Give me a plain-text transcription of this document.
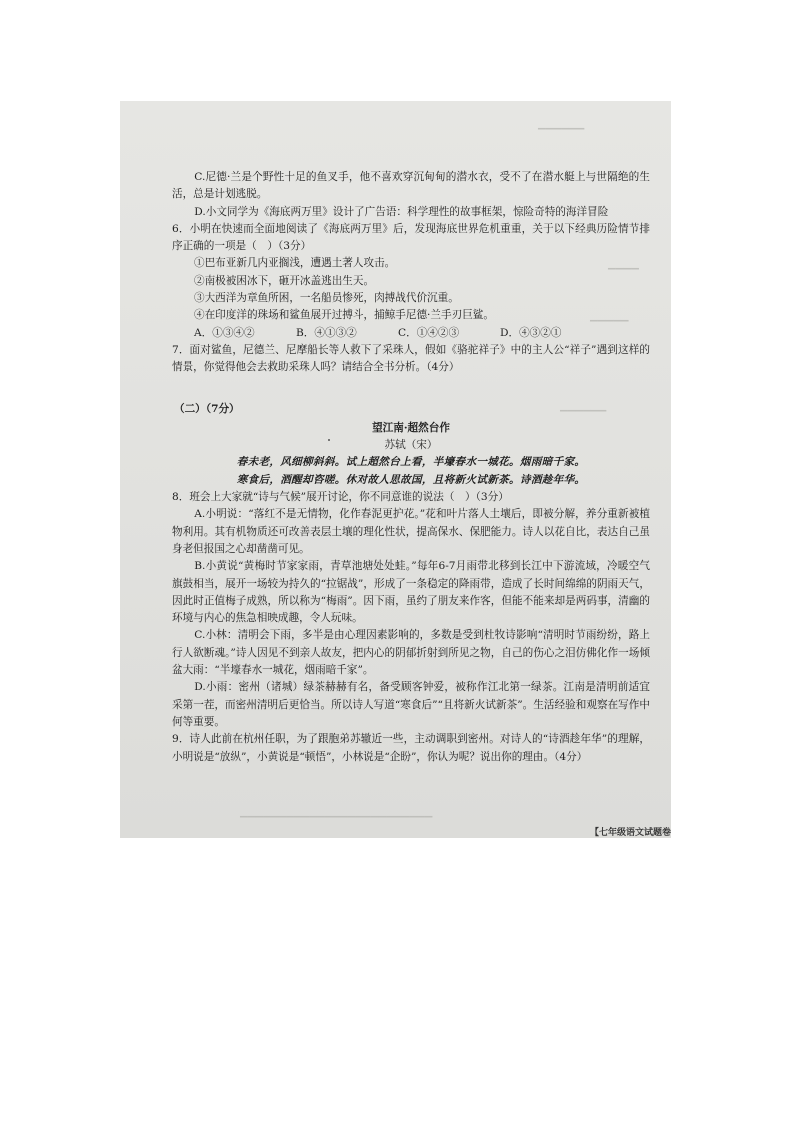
▁▁▁▁▁▁
▁▁▁▁
▁▁▁▁▁
▁▁▁▁▁▁
▁▁▁▁▁▁▁▁▁▁▁▁▁▁▁▁▁▁▁▁▁▁▁▁▁

C.尼德·兰是个野性十足的鱼叉手，他不喜欢穿沉甸甸的潜水衣，受不了在潜水艇上与世隔绝的生活，总是计划逃脱。

D.小文同学为《海底两万里》设计了广告语：科学理性的故事框架，惊险奇特的海洋冒险

6．小明在快速而全面地阅读了《海底两万里》后，发现海底世界危机重重，关于以下经典历险情节排序正确的一项是（　）（3分）

①巴布亚新几内亚搁浅，遭遇土著人攻击。

②南极被困冰下，砸开冰盖逃出生天。

③大西洋为章鱼所困，一名船员惨死，肉搏战代价沉重。

④在印度洋的珠场和鲨鱼展开过搏斗，捕鲸手尼德·兰手刃巨鲨。

A．①③④②	B．④①③②	C．①④②③	D．④③②①

7．面对鲨鱼，尼德兰、尼摩船长等人救下了采珠人，假如《骆驼祥子》中的主人公“祥子”遇到这样的情景，你觉得他会去救助采珠人吗？请结合全书分析。（4分）

（二）（7分）

望江南·超然台作

苏轼（宋）

春未老，风细柳斜斜。试上超然台上看，半壕春水一城花。烟雨暗千家。

寒食后，酒醒却咨嗟。休对故人思故国，且将新火试新茶。诗酒趁年华。

8．班会上大家就“诗与气候”展开讨论，你不同意谁的说法（　）（3分）

A.小明说：“落红不是无情物，化作春泥更护花。”花和叶片落人土壤后，即被分解，养分重新被植物利用。其有机物质还可改善表层土壤的理化性状，提高保水、保肥能力。诗人以花自比，表达自己虽身老但报国之心却凿凿可见。

B.小黄说“黄梅时节家家雨，青草池塘处处蛙。”每年6-7月雨带北移到长江中下游流域，冷暖空气旗鼓相当，展开一场较为持久的“拉锯战”，形成了一条稳定的降雨带，造成了长时间绵绵的阴雨天气，因此时正值梅子成熟，所以称为“梅雨”。因下雨，虽约了朋友来作客，但能不能来却是两码事，清幽的环境与内心的焦急相映成趣，令人玩味。

C.小林：清明会下雨，多半是由心理因素影响的，多数是受到杜牧诗影响“清明时节雨纷纷，路上行人欲断魂。”诗人因见不到亲人故友，把内心的阴郁折射到所见之物，自己的伤心之泪仿佛化作一场倾盆大雨：“半壕春水一城花，烟雨暗千家”。

D.小雨：密州（诸城）绿茶赫赫有名，备受顾客钟爱，被称作江北第一绿茶。江南是清明前适宜采第一茬，而密州清明后更恰当。所以诗人写道“寒食后”“且将新火试新茶”。生活经验和观察在写作中何等重要。

9．诗人此前在杭州任职，为了跟胞弟苏辙近一些，主动调职到密州。对诗人的“诗酒趁年华”的理解，小明说是“放纵”，小黄说是“顿悟”，小林说是“企盼”，你认为呢？说出你的理由。（4分）

【七年级语文试题卷
